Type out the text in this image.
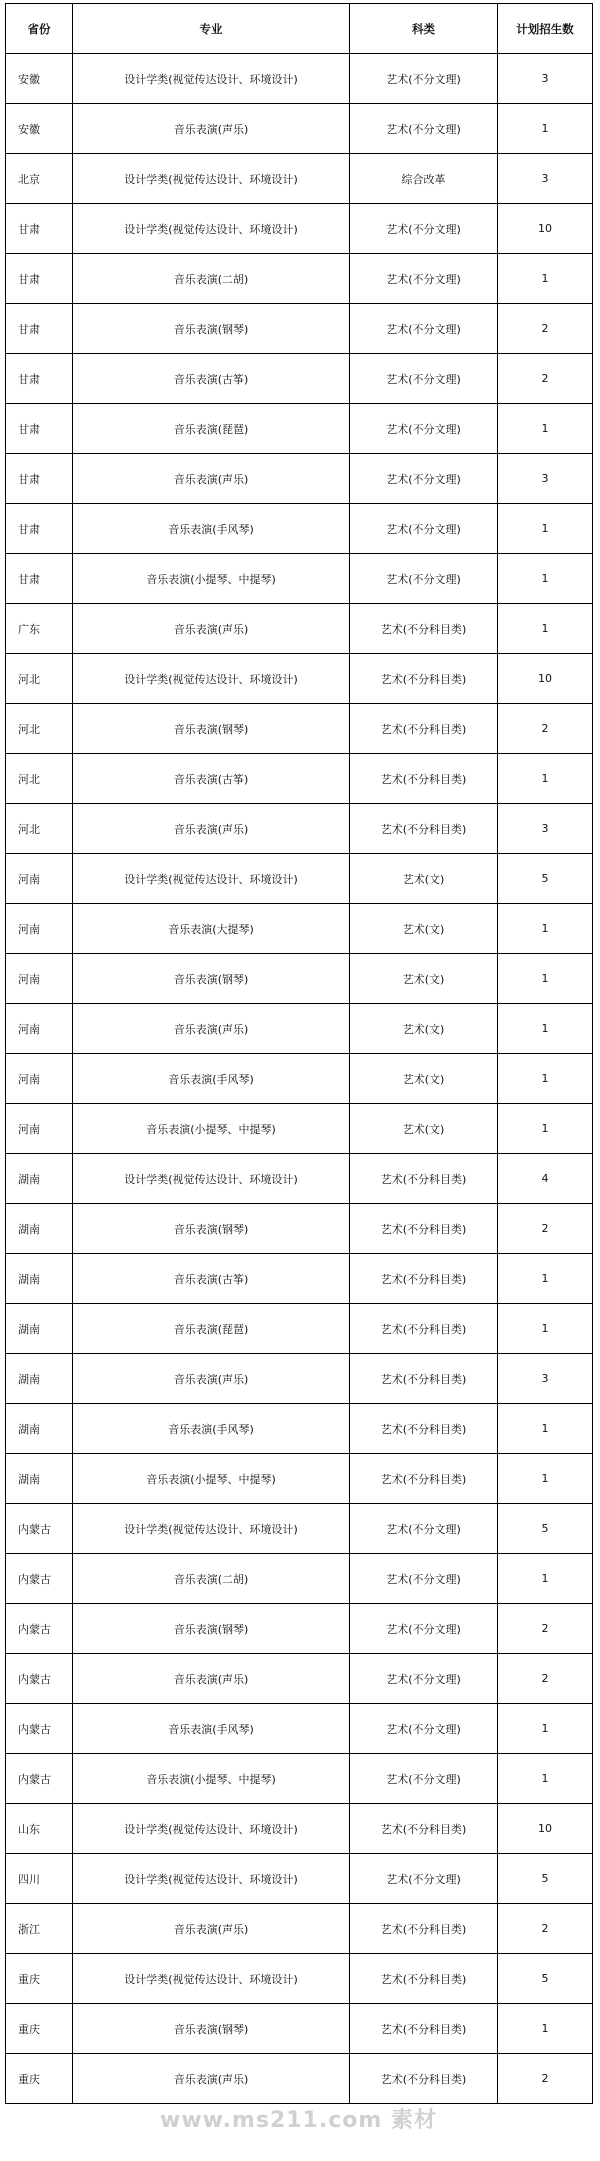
省份	专业	科类	计划招生数
安徽	设计学类(视觉传达设计、环境设计)	艺术(不分文理)	3
安徽	音乐表演(声乐)	艺术(不分文理)	1
北京	设计学类(视觉传达设计、环境设计)	综合改革	3
甘肃	设计学类(视觉传达设计、环境设计)	艺术(不分文理)	10
甘肃	音乐表演(二胡)	艺术(不分文理)	1
甘肃	音乐表演(钢琴)	艺术(不分文理)	2
甘肃	音乐表演(古筝)	艺术(不分文理)	2
甘肃	音乐表演(琵琶)	艺术(不分文理)	1
甘肃	音乐表演(声乐)	艺术(不分文理)	3
甘肃	音乐表演(手风琴)	艺术(不分文理)	1
甘肃	音乐表演(小提琴、中提琴)	艺术(不分文理)	1
广东	音乐表演(声乐)	艺术(不分科目类)	1
河北	设计学类(视觉传达设计、环境设计)	艺术(不分科目类)	10
河北	音乐表演(钢琴)	艺术(不分科目类)	2
河北	音乐表演(古筝)	艺术(不分科目类)	1
河北	音乐表演(声乐)	艺术(不分科目类)	3
河南	设计学类(视觉传达设计、环境设计)	艺术(文)	5
河南	音乐表演(大提琴)	艺术(文)	1
河南	音乐表演(钢琴)	艺术(文)	1
河南	音乐表演(声乐)	艺术(文)	1
河南	音乐表演(手风琴)	艺术(文)	1
河南	音乐表演(小提琴、中提琴)	艺术(文)	1
湖南	设计学类(视觉传达设计、环境设计)	艺术(不分科目类)	4
湖南	音乐表演(钢琴)	艺术(不分科目类)	2
湖南	音乐表演(古筝)	艺术(不分科目类)	1
湖南	音乐表演(琵琶)	艺术(不分科目类)	1
湖南	音乐表演(声乐)	艺术(不分科目类)	3
湖南	音乐表演(手风琴)	艺术(不分科目类)	1
湖南	音乐表演(小提琴、中提琴)	艺术(不分科目类)	1
内蒙古	设计学类(视觉传达设计、环境设计)	艺术(不分文理)	5
内蒙古	音乐表演(二胡)	艺术(不分文理)	1
内蒙古	音乐表演(钢琴)	艺术(不分文理)	2
内蒙古	音乐表演(声乐)	艺术(不分文理)	2
内蒙古	音乐表演(手风琴)	艺术(不分文理)	1
内蒙古	音乐表演(小提琴、中提琴)	艺术(不分文理)	1
山东	设计学类(视觉传达设计、环境设计)	艺术(不分科目类)	10
四川	设计学类(视觉传达设计、环境设计)	艺术(不分文理)	5
浙江	音乐表演(声乐)	艺术(不分科目类)	2
重庆	设计学类(视觉传达设计、环境设计)	艺术(不分科目类)	5
重庆	音乐表演(钢琴)	艺术(不分科目类)	1
重庆	音乐表演(声乐)	艺术(不分科目类)	2
www.ms211.com 素材
